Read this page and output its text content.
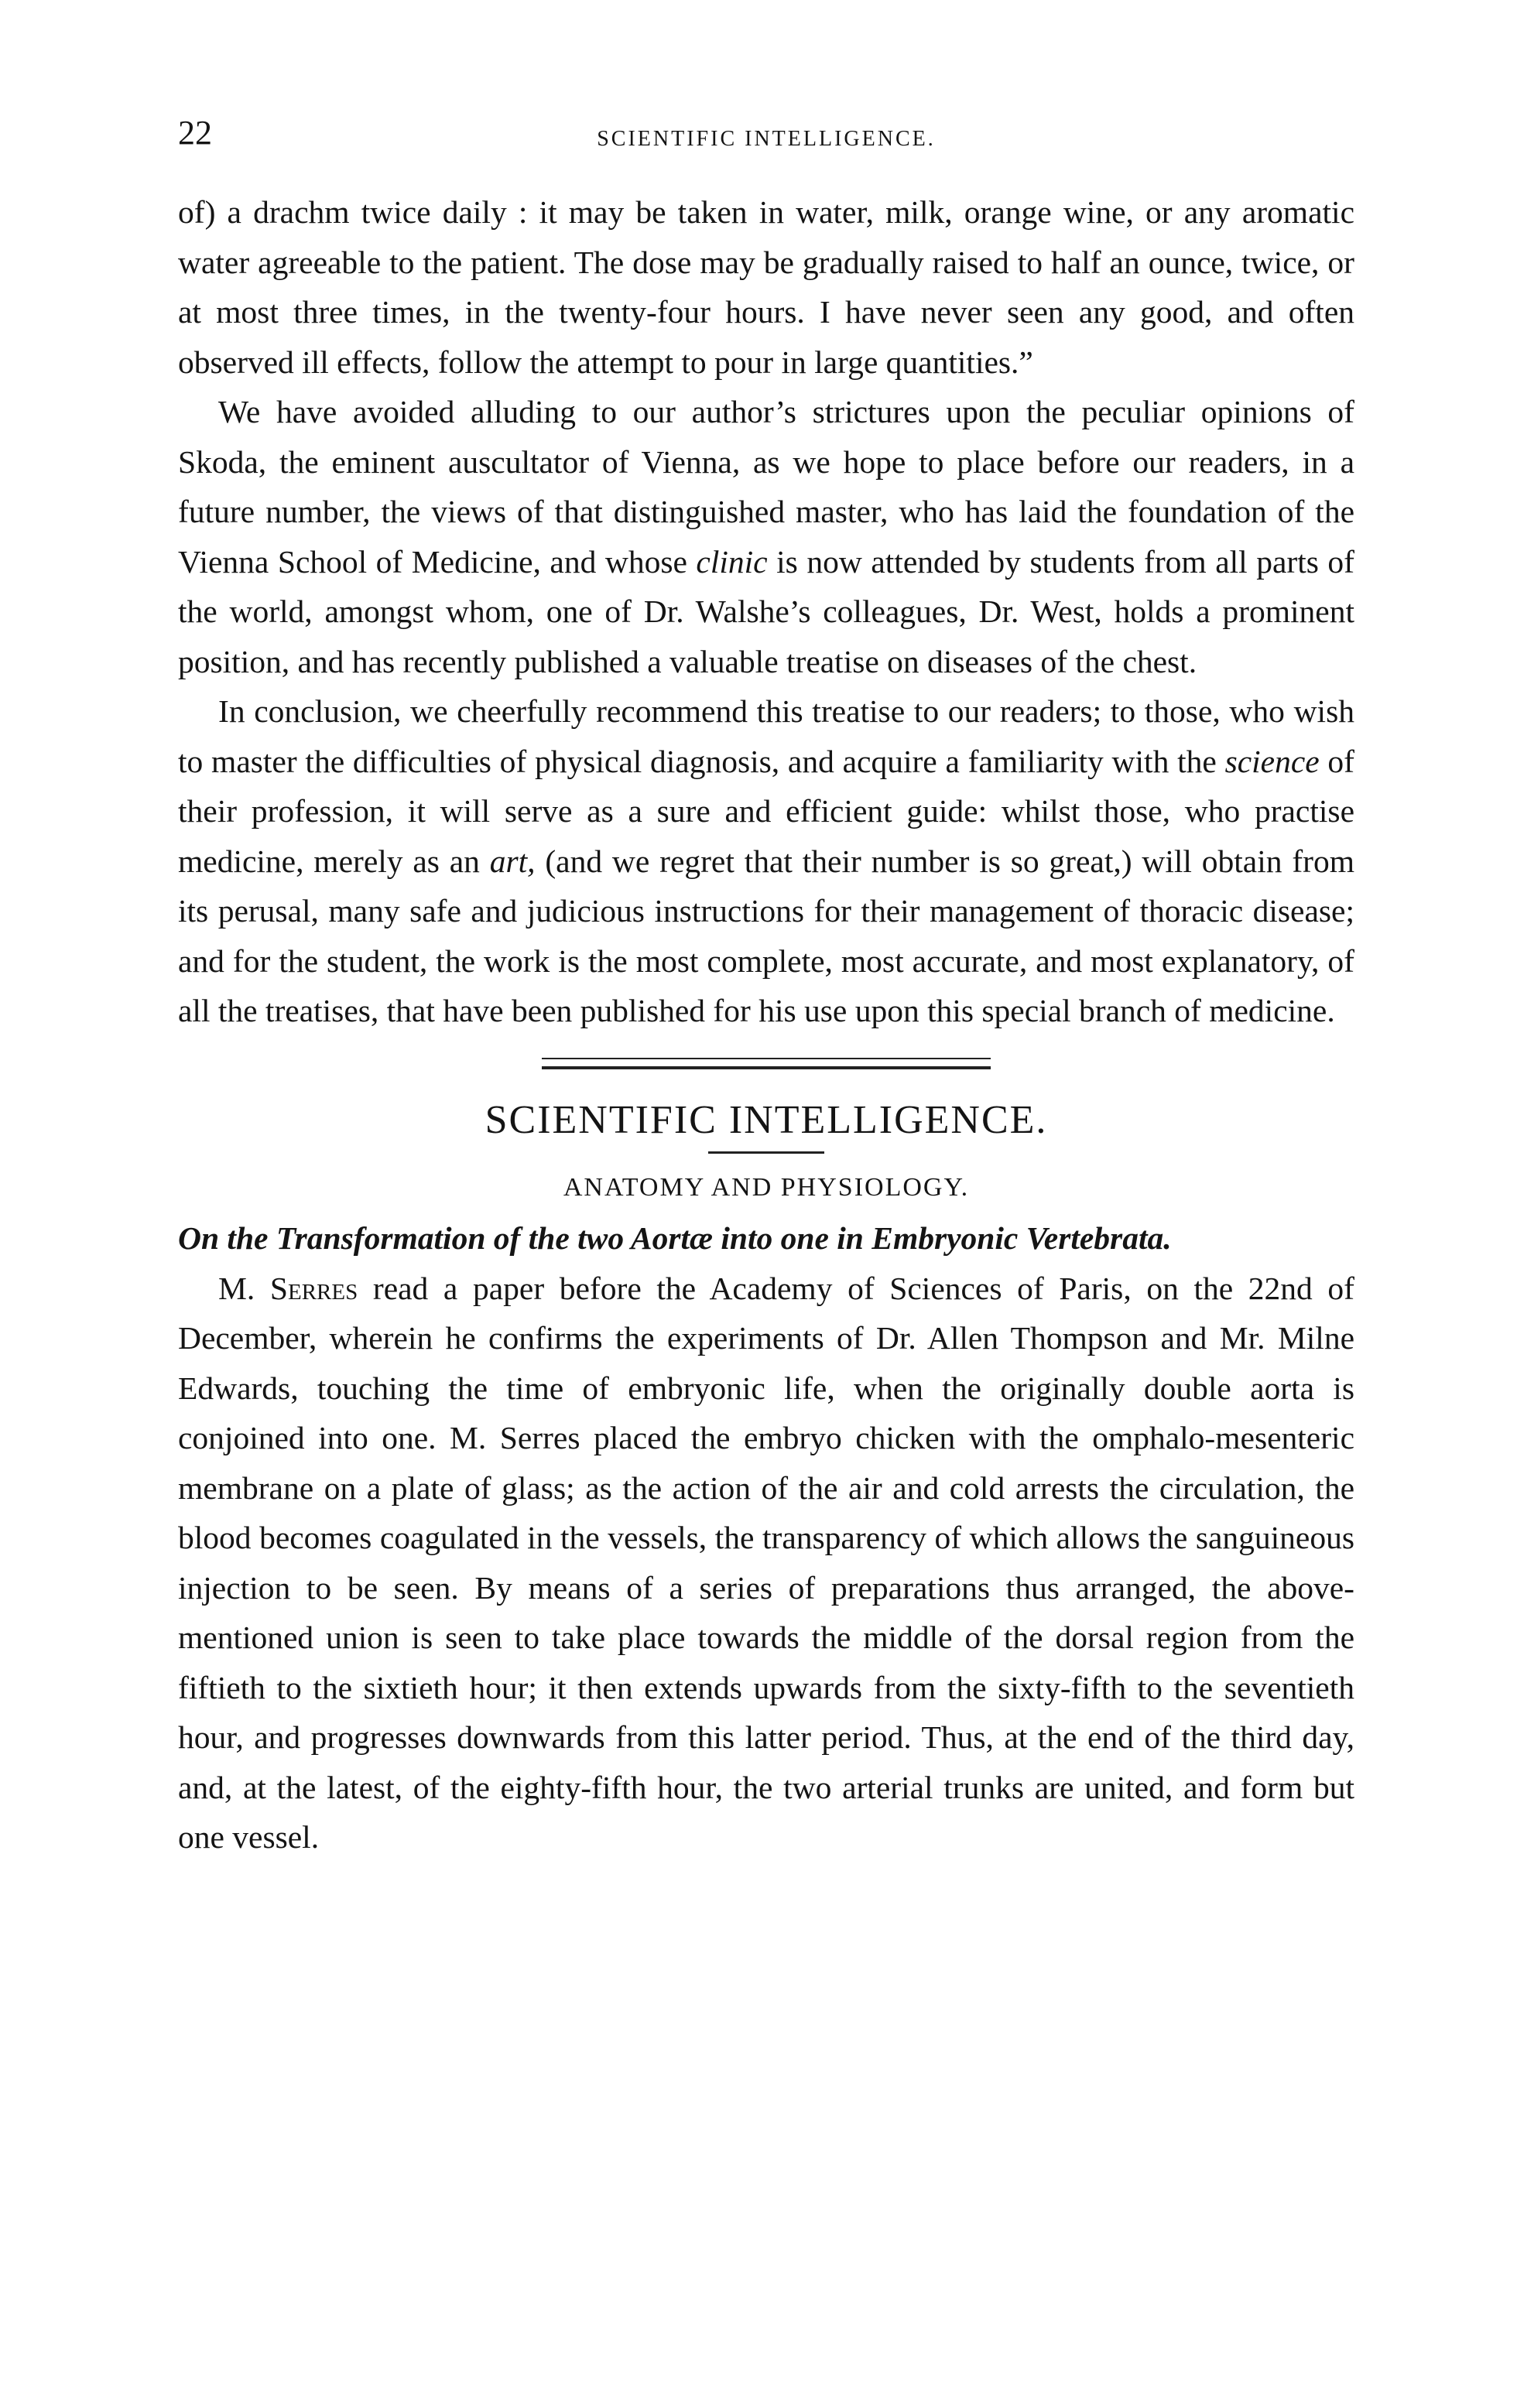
22	SCIENTIFIC INTELLIGENCE.

of) a drachm twice daily : it may be taken in water, milk, orange wine, or any aromatic water agreeable to the patient. The dose may be gradually raised to half an ounce, twice, or at most three times, in the twenty-four hours. I have never seen any good, and often observed ill effects, follow the attempt to pour in large quantities.”

We have avoided alluding to our author’s strictures upon the peculiar opinions of Skoda, the eminent auscultator of Vienna, as we hope to place before our readers, in a future number, the views of that distinguished master, who has laid the foundation of the Vienna School of Medicine, and whose clinic is now attended by students from all parts of the world, amongst whom, one of Dr. Walshe’s colleagues, Dr. West, holds a prominent position, and has recently published a valuable treatise on diseases of the chest.

In conclusion, we cheerfully recommend this treatise to our readers; to those, who wish to master the difficulties of physical diagnosis, and acquire a familiarity with the science of their profession, it will serve as a sure and efficient guide: whilst those, who practise medicine, merely as an art, (and we regret that their number is so great,) will obtain from its perusal, many safe and judicious instructions for their management of thoracic disease; and for the student, the work is the most complete, most accurate, and most explanatory, of all the treatises, that have been published for his use upon this special branch of medicine.

SCIENTIFIC INTELLIGENCE.
ANATOMY AND PHYSIOLOGY.
On the Transformation of the two Aortæ into one in Embryonic Vertebrata.

M. Serres read a paper before the Academy of Sciences of Paris, on the 22nd of December, wherein he confirms the experiments of Dr. Allen Thompson and Mr. Milne Edwards, touching the time of embryonic life, when the originally double aorta is conjoined into one. M. Serres placed the embryo chicken with the omphalo-mesenteric membrane on a plate of glass; as the action of the air and cold arrests the circulation, the blood becomes coagulated in the vessels, the transparency of which allows the sanguineous injection to be seen. By means of a series of preparations thus arranged, the above-mentioned union is seen to take place towards the middle of the dorsal region from the fiftieth to the sixtieth hour; it then extends upwards from the sixty-fifth to the seventieth hour, and progresses downwards from this latter period. Thus, at the end of the third day, and, at the latest, of the eighty-fifth hour, the two arterial trunks are united, and form but one vessel.
